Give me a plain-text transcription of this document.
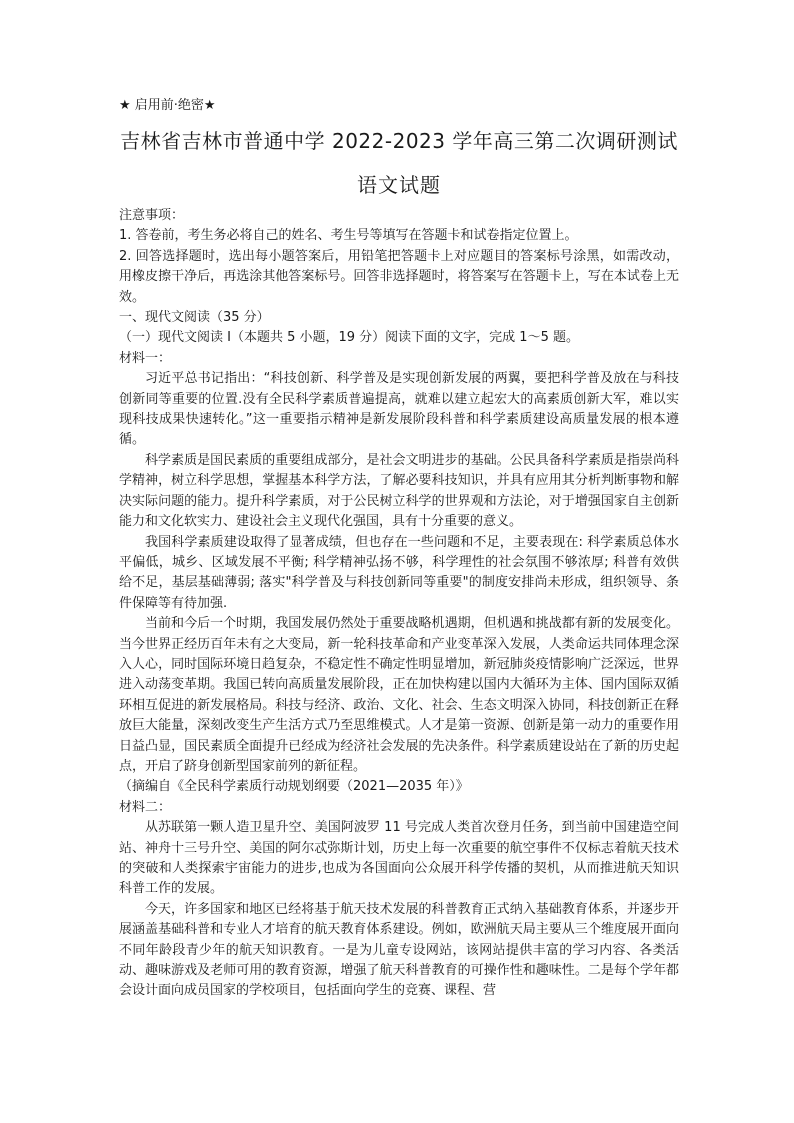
★ 启用前·绝密★
吉林省吉林市普通中学 2022-2023 学年高三第二次调研测试
语文试题
注意事项：
1. 答卷前，考生务必将自己的姓名、考生号等填写在答题卡和试卷指定位置上。
2. 回答选择题时，选出每小题答案后，用铅笔把答题卡上对应题目的答案标号涂黑，如需改动，用橡皮擦干净后，再选涂其他答案标号。回答非选择题时，将答案写在答题卡上，写在本试卷上无效。
一、现代文阅读（35 分）
（一）现代文阅读 I（本题共 5 小题，19 分）阅读下面的文字，完成 1～5 题。
材料一：
习近平总书记指出：“科技创新、科学普及是实现创新发展的两翼，要把科学普及放在与科技创新同等重要的位置.没有全民科学素质普遍提高，就难以建立起宏大的高素质创新大军，难以实现科技成果快速转化。”这一重要指示精神是新发展阶段科普和科学素质建设高质量发展的根本遵循。
科学素质是国民素质的重要组成部分，是社会文明进步的基础。公民具备科学素质是指崇尚科学精神，树立科学思想，掌握基本科学方法，了解必要科技知识，并具有应用其分析判断事物和解决实际问题的能力。提升科学素质，对于公民树立科学的世界观和方法论，对于增强国家自主创新能力和文化软实力、建设社会主义现代化强国，具有十分重要的意义。
我国科学素质建设取得了显著成绩，但也存在一些问题和不足，主要表现在: 科学素质总体水平偏低，城乡、区域发展不平衡; 科学精神弘扬不够，科学理性的社会氛围不够浓厚; 科普有效供给不足，基层基础薄弱; 落实"科学普及与科技创新同等重要"的制度安排尚未形成，组织领导、条件保障等有待加强.
当前和今后一个时期，我国发展仍然处于重要战略机遇期，但机遇和挑战都有新的发展变化。当今世界正经历百年未有之大变局，新一轮科技革命和产业变革深入发展，人类命运共同体理念深入人心，同时国际环境日趋复杂，不稳定性不确定性明显增加，新冠肺炎疫情影响广泛深远，世界进入动荡变革期。我国已转向高质量发展阶段，正在加快构建以国内大循环为主体、国内国际双循环相互促进的新发展格局。科技与经济、政治、文化、社会、生态文明深入协同，科技创新正在释放巨大能量，深刻改变生产生活方式乃至思维模式。人才是第一资源、创新是第一动力的重要作用日益凸显，国民素质全面提升已经成为经济社会发展的先决条件。科学素质建设站在了新的历史起点，开启了跻身创新型国家前列的新征程。
（摘编自《全民科学素质行动规划纲要（2021—2035 年）》
材料二：
从苏联第一颗人造卫星升空、美国阿波罗 11 号完成人类首次登月任务，到当前中国建造空间站、神舟十三号升空、美国的阿尔忒弥斯计划，历史上每一次重要的航空事件不仅标志着航天技术的突破和人类探索宇宙能力的进步,也成为各国面向公众展开科学传播的契机，从而推进航天知识科普工作的发展。
今天，许多国家和地区已经将基于航天技术发展的科普教育正式纳入基础教育体系，并逐步开展涵盖基础科普和专业人才培育的航天教育体系建设。例如，欧洲航天局主要从三个维度展开面向不同年龄段青少年的航天知识教育。一是为儿童专设网站，该网站提供丰富的学习内容、各类活动、趣味游戏及老师可用的教育资源，增强了航天科普教育的可操作性和趣味性。二是每个学年都会设计面向成员国家的学校项目，包括面向学生的竞赛、课程、营
